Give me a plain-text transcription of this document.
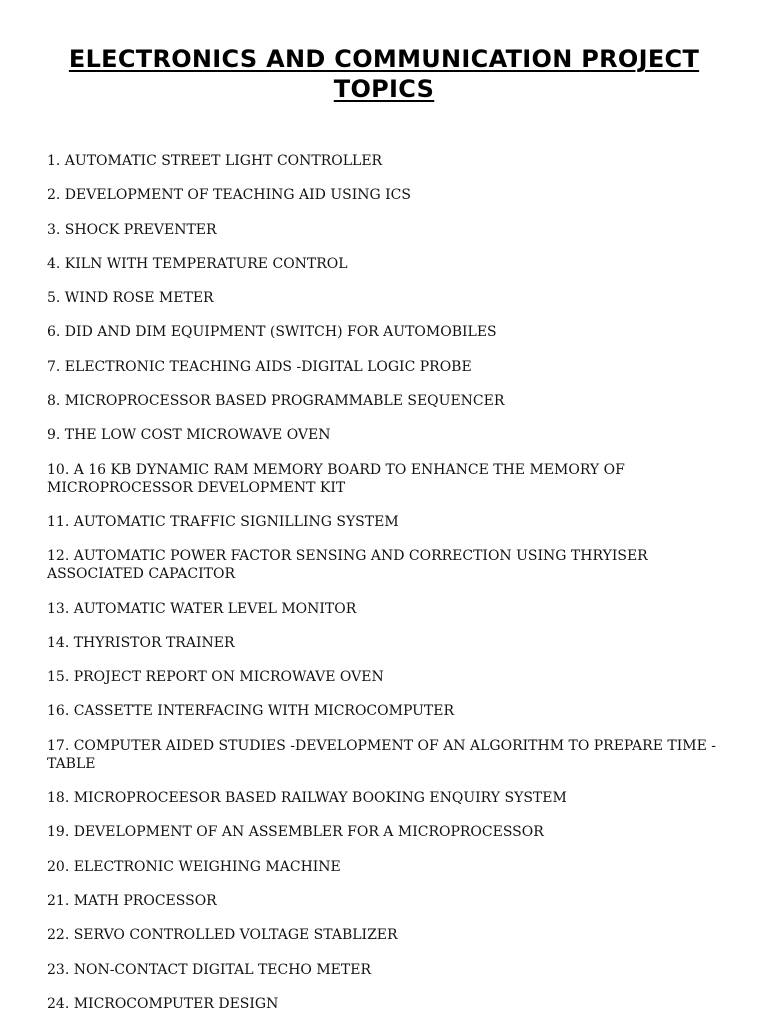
ELECTRONICS AND COMMUNICATION PROJECT
TOPICS
1. AUTOMATIC STREET LIGHT CONTROLLER
2. DEVELOPMENT OF TEACHING AID USING ICS
3. SHOCK PREVENTER
4. KILN WITH TEMPERATURE CONTROL
5. WIND ROSE METER
6. DID AND DIM EQUIPMENT (SWITCH) FOR AUTOMOBILES
7. ELECTRONIC TEACHING AIDS -DIGITAL LOGIC PROBE
8. MICROPROCESSOR BASED PROGRAMMABLE SEQUENCER
9. THE LOW COST MICROWAVE OVEN
10. A 16 KB DYNAMIC RAM MEMORY BOARD TO ENHANCE THE MEMORY OF MICROPROCESSOR DEVELOPMENT KIT
11. AUTOMATIC TRAFFIC SIGNILLING SYSTEM
12. AUTOMATIC POWER FACTOR SENSING AND CORRECTION USING THRYISER ASSOCIATED CAPACITOR
13. AUTOMATIC WATER LEVEL MONITOR
14. THYRISTOR TRAINER
15. PROJECT REPORT ON MICROWAVE OVEN
16. CASSETTE INTERFACING WITH MICROCOMPUTER
17. COMPUTER AIDED STUDIES -DEVELOPMENT OF AN ALGORITHM TO PREPARE TIME -TABLE
18. MICROPROCEESOR BASED RAILWAY BOOKING ENQUIRY SYSTEM
19. DEVELOPMENT OF AN ASSEMBLER FOR A MICROPROCESSOR
20. ELECTRONIC WEIGHING MACHINE
21. MATH PROCESSOR
22. SERVO CONTROLLED VOLTAGE STABLIZER
23. NON-CONTACT DIGITAL TECHO METER
24. MICROCOMPUTER DESIGN
